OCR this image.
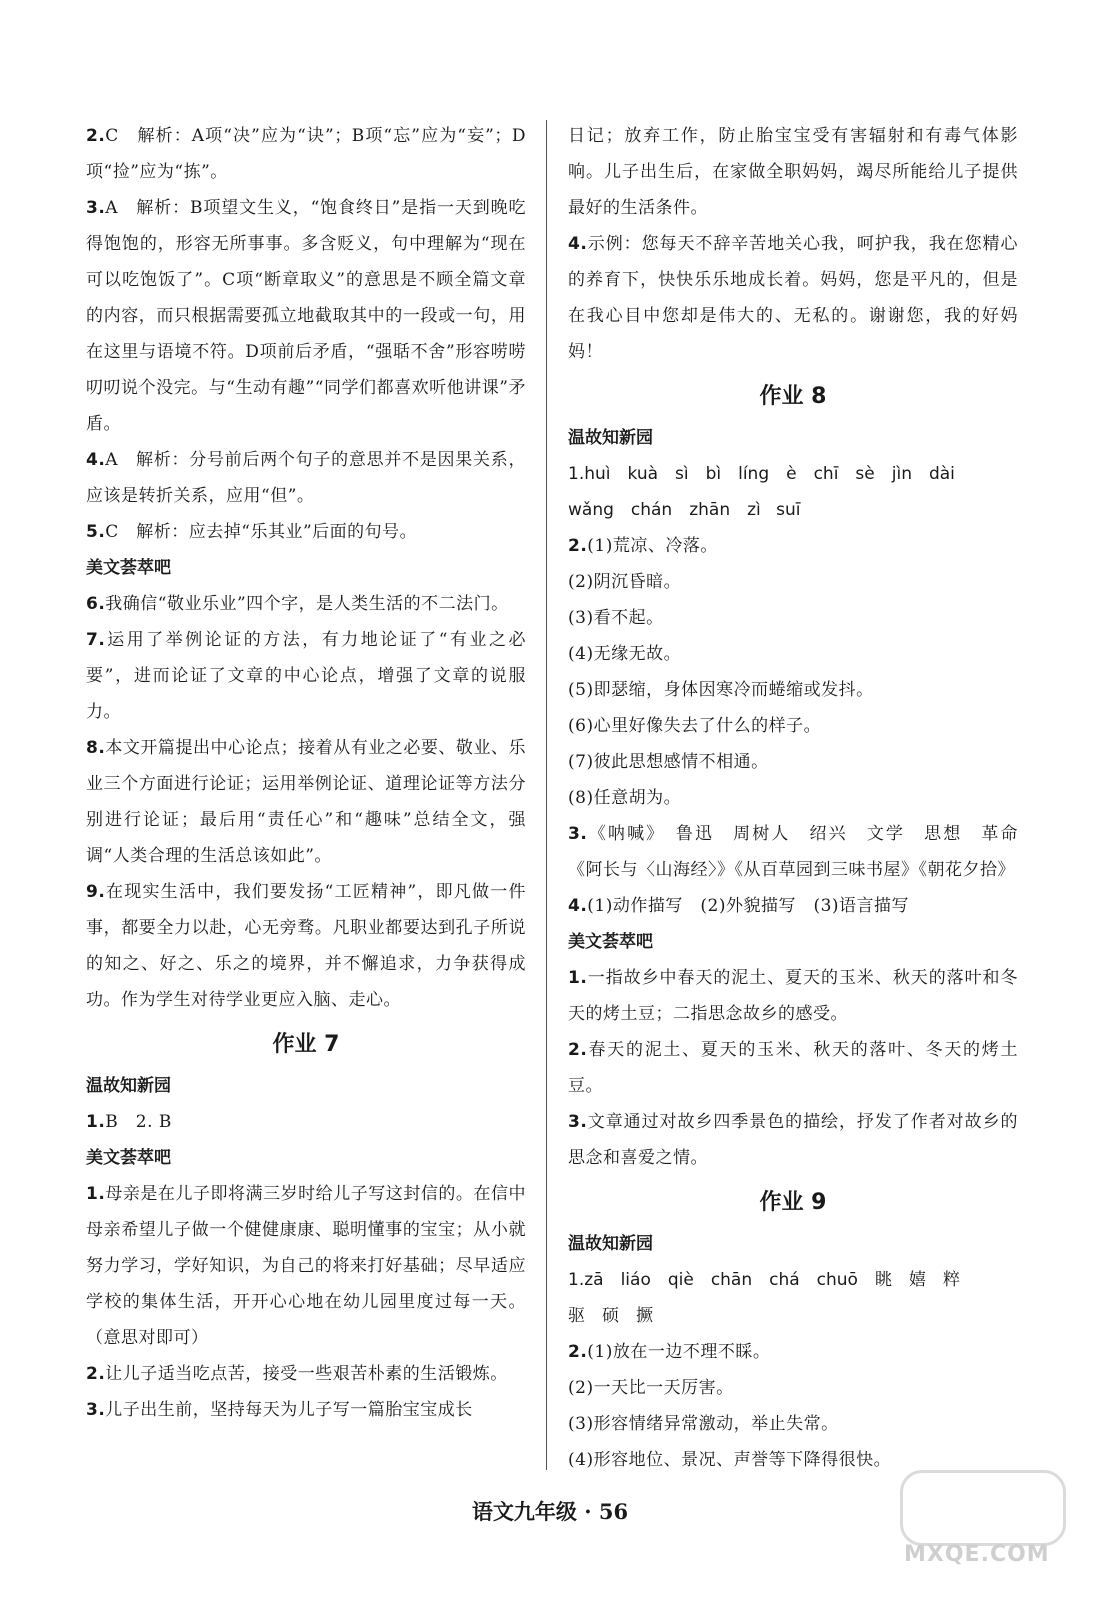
2.C　解析：A项“决”应为“诀”；B项“忘”应为“妄”；D项“捡”应为“拣”。
3.A　解析：B项望文生义，“饱食终日”是指一天到晚吃得饱饱的，形容无所事事。多含贬义，句中理解为“现在可以吃饱饭了”。C项“断章取义”的意思是不顾全篇文章的内容，而只根据需要孤立地截取其中的一段或一句，用在这里与语境不符。D项前后矛盾，“强聒不舍”形容唠唠叨叨说个没完。与“生动有趣”“同学们都喜欢听他讲课”矛盾。
4.A　解析：分号前后两个句子的意思并不是因果关系，应该是转折关系，应用“但”。
5.C　解析：应去掉“乐其业”后面的句号。
美文荟萃吧
6.我确信“敬业乐业”四个字，是人类生活的不二法门。
7.运用了举例论证的方法，有力地论证了“有业之必要”，进而论证了文章的中心论点，增强了文章的说服力。
8.本文开篇提出中心论点；接着从有业之必要、敬业、乐业三个方面进行论证；运用举例论证、道理论证等方法分别进行论证；最后用“责任心”和“趣味”总结全文，强调“人类合理的生活总该如此”。
9.在现实生活中，我们要发扬“工匠精神”，即凡做一件事，都要全力以赴，心无旁骛。凡职业都要达到孔子所说的知之、好之、乐之的境界，并不懈追求，力争获得成功。作为学生对待学业更应入脑、走心。
作业 7
温故知新园
1.B　2. B
美文荟萃吧
1.母亲是在儿子即将满三岁时给儿子写这封信的。在信中母亲希望儿子做一个健健康康、聪明懂事的宝宝；从小就努力学习，学好知识，为自己的将来打好基础；尽早适应学校的集体生活，开开心心地在幼儿园里度过每一天。（意思对即可）
2.让儿子适当吃点苦，接受一些艰苦朴素的生活锻炼。
3.儿子出生前，坚持每天为儿子写一篇胎宝宝成长
日记；放弃工作，防止胎宝宝受有害辐射和有毒气体影响。儿子出生后，在家做全职妈妈，竭尽所能给儿子提供最好的生活条件。
4.示例：您每天不辞辛苦地关心我，呵护我，我在您精心的养育下，快快乐乐地成长着。妈妈，您是平凡的，但是在我心目中您却是伟大的、无私的。谢谢您，我的好妈妈！
作业 8
温故知新园
1.huì　kuà　sì　bì　líng　è　chī　sè　jìn　dài
wǎng　chán　zhān　zì suī
2.(1)荒凉、冷落。
(2)阴沉昏暗。
(3)看不起。
(4)无缘无故。
(5)即瑟缩，身体因寒冷而蜷缩或发抖。
(6)心里好像失去了什么的样子。
(7)彼此思想感情不相通。
(8)任意胡为。
3.《呐喊》　鲁迅　周树人　绍兴　文学　思想　革命　《阿长与〈山海经〉》《从百草园到三味书屋》《朝花夕拾》
4.(1)动作描写　(2)外貌描写　(3)语言描写
美文荟萃吧
1.一指故乡中春天的泥土、夏天的玉米、秋天的落叶和冬天的烤土豆；二指思念故乡的感受。
2.春天的泥土、夏天的玉米、秋天的落叶、冬天的烤土豆。
3.文章通过对故乡四季景色的描绘，抒发了作者对故乡的思念和喜爱之情。
作业 9
温故知新园
1.zā　liáo　qiè　chān　chá　chuō　眺　嬉　粹
驱　硕　撅
2.(1)放在一边不理不睬。
(2)一天比一天厉害。
(3)形容情绪异常激动，举止失常。
(4)形容地位、景况、声誉等下降得很快。
语文九年级 · 56
MXQE.COM
